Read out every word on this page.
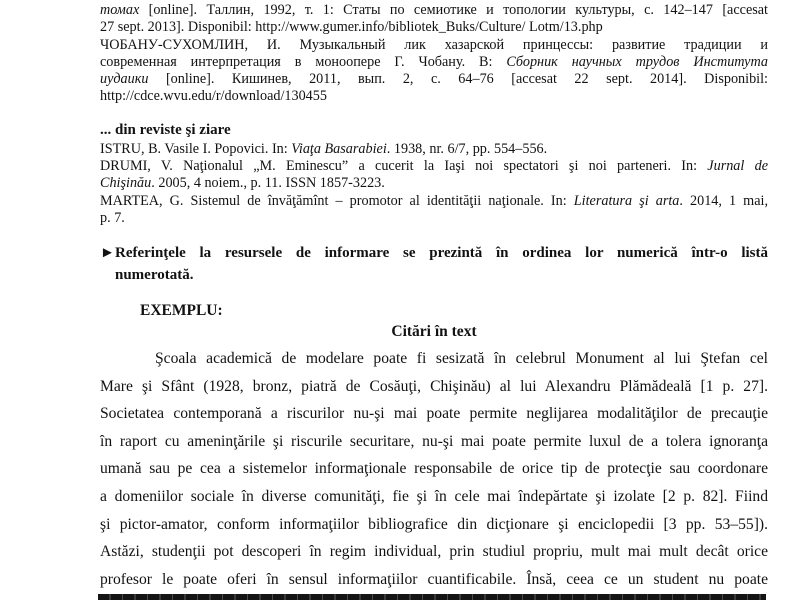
томах [online]. Таллин, 1992, т. 1: Статы по семиотике и топологии культуры, с. 142–147 [accesat
27 sept. 2013]. Disponibil: http://www.gumer.info/bibliotek_Buks/Culture/ Lotm/13.php
ЧОБАНУ-СУХОМЛИН, И. Музыкальный лик хазарской принцессы: развитие традиции и
современная интерпретация в моноопере Г. Чобану. В: Сборник научных трудов Института
иудаики [online]. Кишинев, 2011, вып. 2, с. 64–76 [accesat 22 sept. 2014]. Disponibil:
http://cdce.wvu.edu/r/download/130455
... din reviste şi ziare
ISTRU, B. Vasile I. Popovici. In: Viaţa Basarabiei. 1938, nr. 6/7, pp. 554–556.
DRUMI, V. Naţionalul „M. Eminescu” a cucerit la Iaşi noi spectatori şi noi parteneri. In: Jurnal de
Chişinău. 2005, 4 noiem., p. 11. ISSN 1857-3223.
MARTEA, G. Sistemul de învăţămînt – promotor al identităţii naţionale. In: Literatura şi arta. 2014, 1 mai,
p. 7.
► Referinţele la resursele de informare se prezintă în ordinea lor numerică într-o listă
numerotată.
EXEMPLU:
Citări în text
Şcoala academică de modelare poate fi sesizată în celebrul Monument al lui Ştefan cel
Mare şi Sfânt (1928, bronz, piatră de Cosăuţi, Chişinău) al lui Alexandru Plămădeală [1 p. 27].
Societatea contemporană a riscurilor nu-şi mai poate permite neglijarea modalităţilor de precauţie
în raport cu ameninţările şi riscurile securitare, nu-şi mai poate permite luxul de a tolera ignoranţa
umană sau pe cea a sistemelor informaţionale responsabile de orice tip de protecţie sau coordonare
a domeniilor sociale în diverse comunităţi, fie şi în cele mai îndepărtate şi izolate [2 p. 82]. Fiind
şi pictor-amator, conform informaţiilor bibliografice din dicţionare şi enciclopedii [3 pp. 53–55]).
Astăzi, studenţii pot descoperi în regim individual, prin studiul propriu, mult mai mult decât orice
profesor le poate oferi în sensul informaţiilor cuantificabile. Însă, ceea ce un student nu poate
